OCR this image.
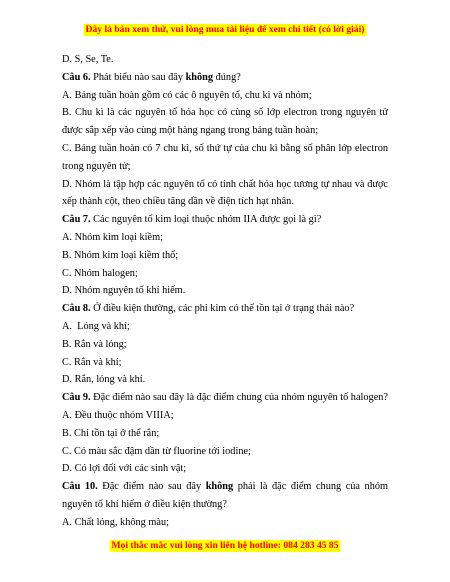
Đây là bản xem thử, vui lòng mua tài liệu để xem chi tiết (có lời giải)
D. S, Se, Te.
Câu 6. Phát biểu nào sau đây không đúng?
A. Bảng tuần hoàn gồm có các ô nguyên tố, chu kì và nhóm;
B. Chu kì là các nguyên tố hóa học có cùng số lớp electron trong nguyên tử được sắp xếp vào cùng một hàng ngang trong bảng tuần hoàn;
C. Bảng tuần hoàn có 7 chu kì, số thứ tự của chu kì bằng số phân lớp electron trong nguyên tử;
D. Nhóm là tập hợp các nguyên tố có tính chất hóa học tương tự nhau và được xếp thành cột, theo chiều tăng dần về điện tích hạt nhân.
Câu 7. Các nguyên tố kim loại thuộc nhóm IIA được gọi là gì?
A. Nhóm kim loại kiềm;
B. Nhóm kim loại kiềm thổ;
C. Nhóm halogen;
D. Nhóm nguyên tố khí hiếm.
Câu 8. Ở điều kiện thường, các phi kim có thể tồn tại ở trạng thái nào?
A.  Lỏng và khí;
B. Rắn và lỏng;
C. Rắn và khí;
D. Rắn, lỏng và khí.
Câu 9. Đặc điểm nào sau đây là đặc điểm chung của nhóm nguyên tố halogen?
A. Đều thuộc nhóm VIIIA;
B. Chỉ tồn tại ở thể rắn;
C. Có màu sắc đậm dần từ fluorine tới iodine;
D. Có lợi đối với các sinh vật;
Câu 10. Đặc điểm nào sau đây không phải là đặc điểm chung của nhóm nguyên tố khí hiếm ở điều kiện thường?
A. Chất lỏng, không màu;
Mọi thắc mắc vui lòng xin liên hệ hotline: 084 283 45 85
